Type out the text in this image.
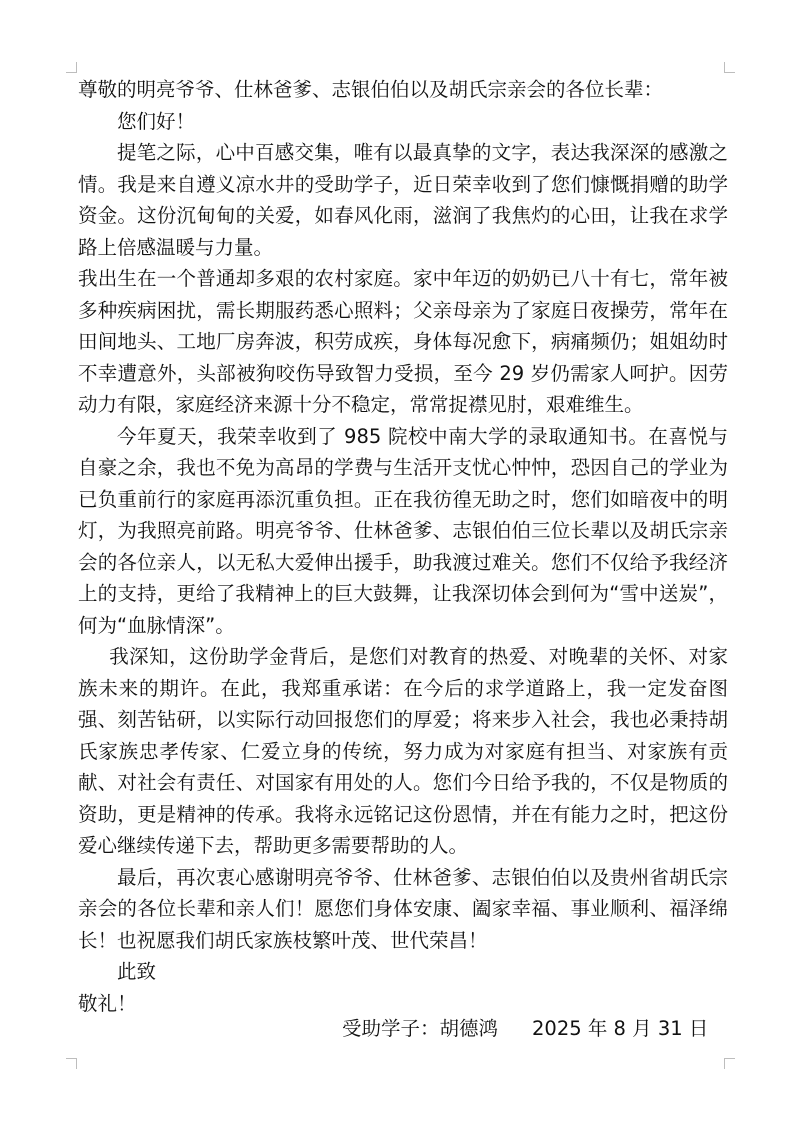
尊敬的明亮爷爷、仕林爸爹、志银伯伯以及胡氏宗亲会的各位长辈：

您们好！

提笔之际，心中百感交集，唯有以最真挚的文字，表达我深深的感激之情。我是来自遵义凉水井的受助学子，近日荣幸收到了您们慷慨捐赠的助学资金。这份沉甸甸的关爱，如春风化雨，滋润了我焦灼的心田，让我在求学路上倍感温暖与力量。

我出生在一个普通却多艰的农村家庭。家中年迈的奶奶已八十有七，常年被多种疾病困扰，需长期服药悉心照料；父亲母亲为了家庭日夜操劳，常年在田间地头、工地厂房奔波，积劳成疾，身体每况愈下，病痛频仍；姐姐幼时不幸遭意外，头部被狗咬伤导致智力受损，至今 29 岁仍需家人呵护。因劳动力有限，家庭经济来源十分不稳定，常常捉襟见肘，艰难维生。

今年夏天，我荣幸收到了 985 院校中南大学的录取通知书。在喜悦与自豪之余，我也不免为高昂的学费与生活开支忧心忡忡，恐因自己的学业为已负重前行的家庭再添沉重负担。正在我彷徨无助之时，您们如暗夜中的明灯，为我照亮前路。明亮爷爷、仕林爸爹、志银伯伯三位长辈以及胡氏宗亲会的各位亲人，以无私大爱伸出援手，助我渡过难关。您们不仅给予我经济上的支持，更给了我精神上的巨大鼓舞，让我深切体会到何为“雪中送炭”，何为“血脉情深”。

我深知，这份助学金背后，是您们对教育的热爱、对晚辈的关怀、对家族未来的期许。在此，我郑重承诺：在今后的求学道路上，我一定发奋图强、刻苦钻研，以实际行动回报您们的厚爱；将来步入社会，我也必秉持胡氏家族忠孝传家、仁爱立身的传统，努力成为对家庭有担当、对家族有贡献、对社会有责任、对国家有用处的人。您们今日给予我的，不仅是物质的资助，更是精神的传承。我将永远铭记这份恩情，并在有能力之时，把这份爱心继续传递下去，帮助更多需要帮助的人。

最后，再次衷心感谢明亮爷爷、仕林爸爹、志银伯伯以及贵州省胡氏宗亲会的各位长辈和亲人们！愿您们身体安康、阖家幸福、事业顺利、福泽绵长！也祝愿我们胡氏家族枝繁叶茂、世代荣昌！

此致

敬礼！

受助学子：胡德鸿 2025 年 8 月 31 日
